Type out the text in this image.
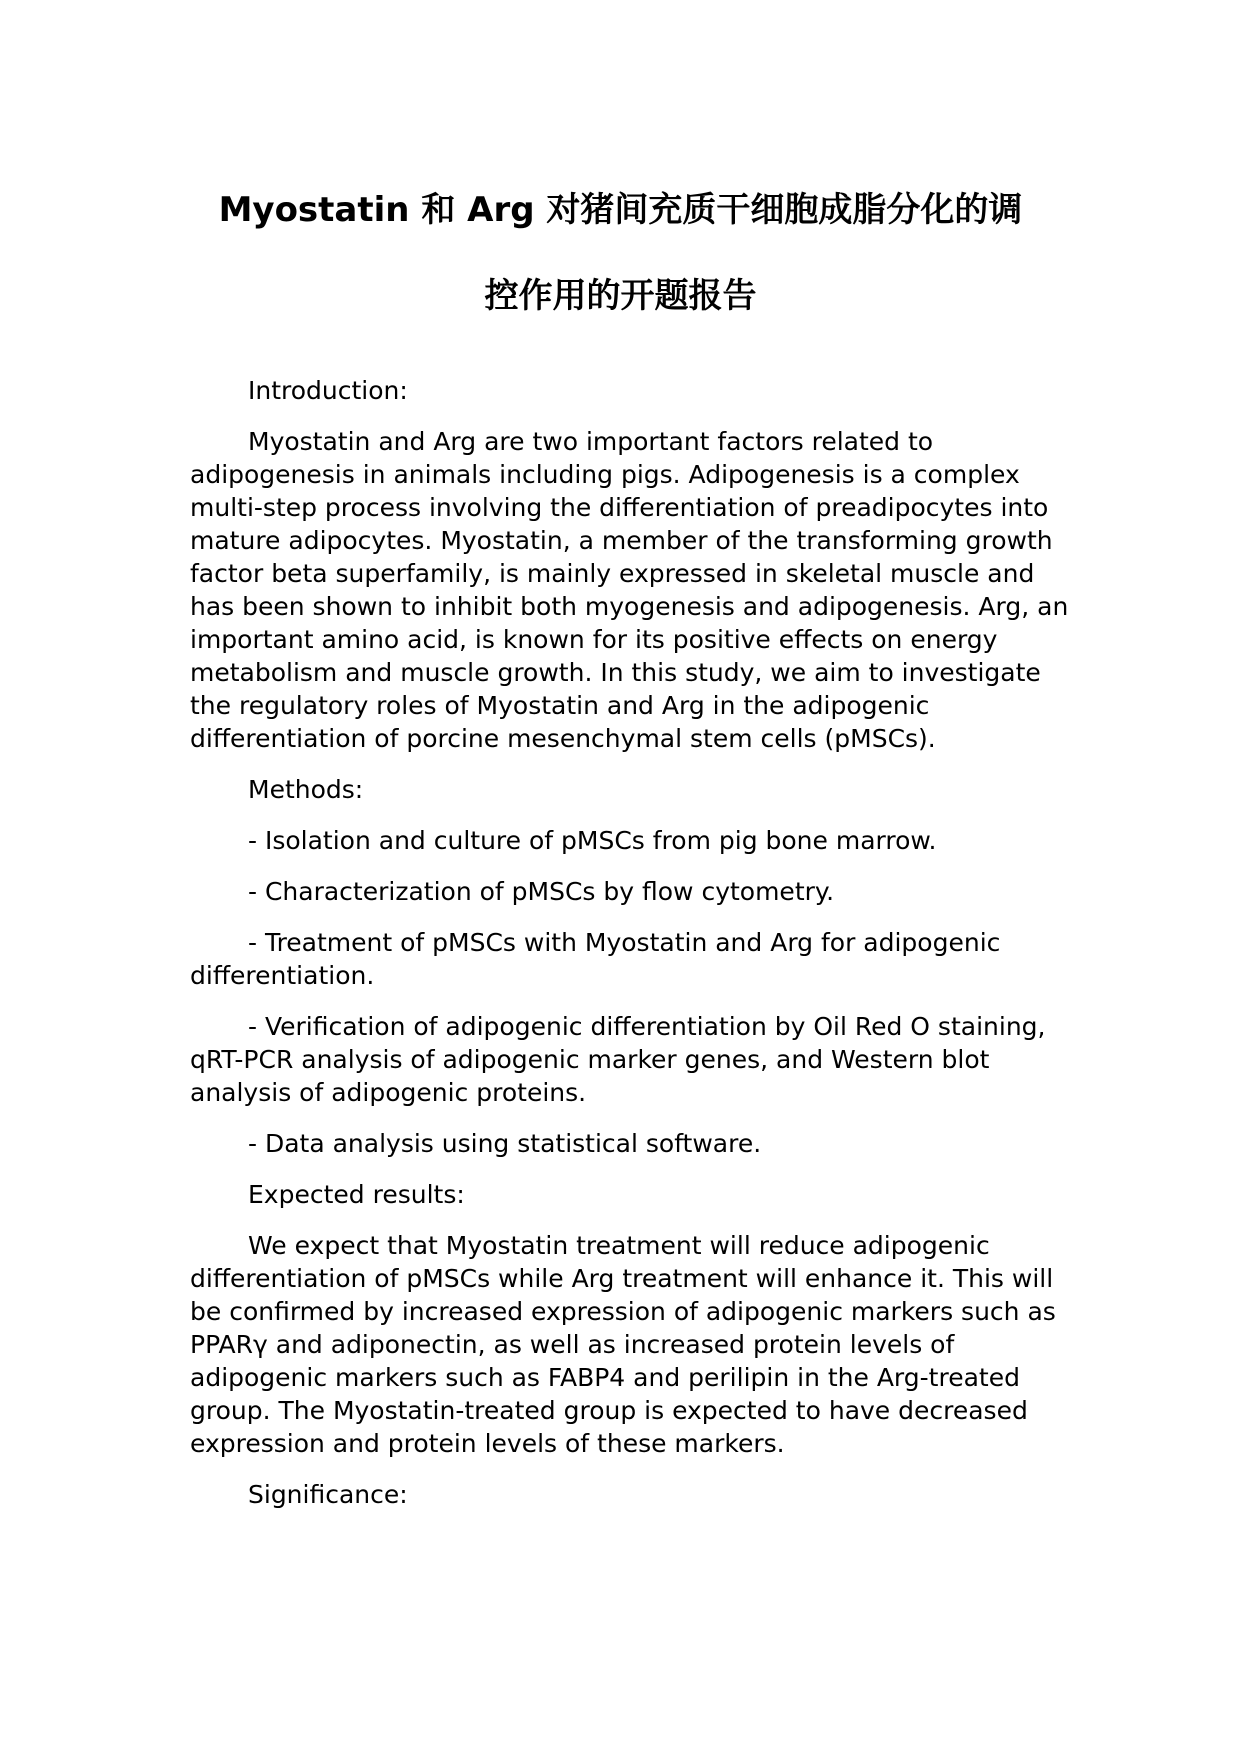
Myostatin 和 Arg 对猪间充质干细胞成脂分化的调
控作用的开题报告

Introduction:

Myostatin and Arg are two important factors related to adipogenesis in animals including pigs. Adipogenesis is a complex multi-step process involving the differentiation of preadipocytes into mature adipocytes. Myostatin, a member of the transforming growth factor beta superfamily, is mainly expressed in skeletal muscle and has been shown to inhibit both myogenesis and adipogenesis. Arg, an important amino acid, is known for its positive effects on energy metabolism and muscle growth. In this study, we aim to investigate the regulatory roles of Myostatin and Arg in the adipogenic differentiation of porcine mesenchymal stem cells (pMSCs).

Methods:

- Isolation and culture of pMSCs from pig bone marrow.

- Characterization of pMSCs by flow cytometry.

- Treatment of pMSCs with Myostatin and Arg for adipogenic differentiation.

- Verification of adipogenic differentiation by Oil Red O staining, qRT-PCR analysis of adipogenic marker genes, and Western blot analysis of adipogenic proteins.

- Data analysis using statistical software.

Expected results:

We expect that Myostatin treatment will reduce adipogenic differentiation of pMSCs while Arg treatment will enhance it. This will be confirmed by increased expression of adipogenic markers such as PPARγ and adiponectin, as well as increased protein levels of adipogenic markers such as FABP4 and perilipin in the Arg-treated group. The Myostatin-treated group is expected to have decreased expression and protein levels of these markers.

Significance:
